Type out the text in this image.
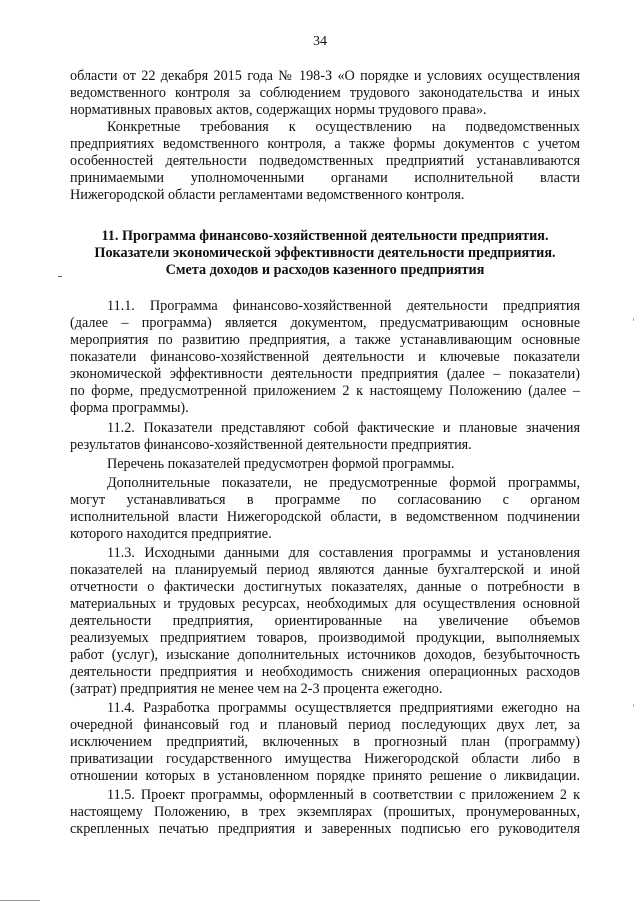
34
области от 22 декабря 2015 года № 198-З «О порядке и условиях осуществления
ведомственного контроля за соблюдением трудового законодательства и иных
нормативных правовых актов, содержащих нормы трудового права».
Конкретные требования к осуществлению на подведомственных
предприятиях ведомственного контроля, а также формы документов с учетом
особенностей деятельности подведомственных предприятий устанавливаются
принимаемыми уполномоченными органами исполнительной власти
Нижегородской области регламентами ведомственного контроля.
11. Программа финансово-хозяйственной деятельности предприятия.
Показатели экономической эффективности деятельности предприятия.
Смета доходов и расходов казенного предприятия
11.1. Программа финансово-хозяйственной деятельности предприятия
(далее – программа) является документом, предусматривающим основные
мероприятия по развитию предприятия, а также устанавливающим основные
показатели финансово-хозяйственной деятельности и ключевые показатели
экономической эффективности деятельности предприятия (далее – показатели)
по форме, предусмотренной приложением 2 к настоящему Положению (далее –
форма программы).
11.2. Показатели представляют собой фактические и плановые значения
результатов финансово-хозяйственной деятельности предприятия.
Перечень показателей предусмотрен формой программы.
Дополнительные показатели, не предусмотренные формой программы,
могут устанавливаться в программе по согласованию с органом
исполнительной власти Нижегородской области, в ведомственном подчинении
которого находится предприятие.
11.3. Исходными данными для составления программы и установления
показателей на планируемый период являются данные бухгалтерской и иной
отчетности о фактически достигнутых показателях, данные о потребности в
материальных и трудовых ресурсах, необходимых для осуществления основной
деятельности предприятия, ориентированные на увеличение объемов
реализуемых предприятием товаров, производимой продукции, выполняемых
работ (услуг), изыскание дополнительных источников доходов, безубыточность
деятельности предприятия и необходимость снижения операционных расходов
(затрат) предприятия не менее чем на 2-3 процента ежегодно.
11.4. Разработка программы осуществляется предприятиями ежегодно на
очередной финансовый год и плановый период последующих двух лет, за
исключением предприятий, включенных в прогнозный план (программу)
приватизации государственного имущества Нижегородской области либо в
отношении которых в установленном порядке принято решение о ликвидации.
11.5. Проект программы, оформленный в соответствии с приложением 2 к
настоящему Положению, в трех экземплярах (прошитых, пронумерованных,
скрепленных печатью предприятия и заверенных подписью его руководителя
